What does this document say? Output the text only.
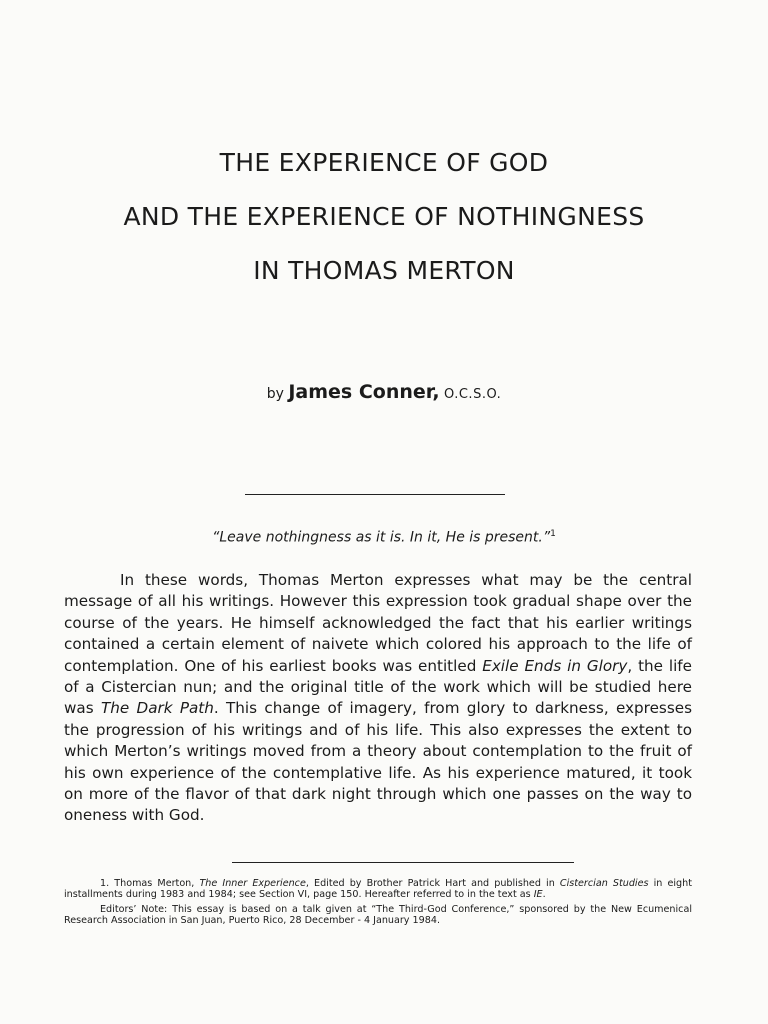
THE EXPERIENCE OF GOD
AND THE EXPERIENCE OF NOTHINGNESS
IN THOMAS MERTON
by James Conner, O.C.S.O.
“Leave nothingness as it is. In it, He is present.”$^1$

In these words, Thomas Merton expresses what may be the central message of all his writings. However this expression took gradual shape over the course of the years. He himself acknowledged the fact that his earlier writings contained a certain element of naivete which colored his approach to the life of contemplation. One of his earliest books was entitled Exile Ends in Glory, the life of a Cistercian nun; and the original title of the work which will be studied here was The Dark Path. This change of imagery, from glory to darkness, expresses the progression of his writings and of his life. This also expresses the extent to which Merton’s writings moved from a theory about contemplation to the fruit of his own experience of the contemplative life. As his experience matured, it took on more of the flavor of that dark night through which one passes on the way to oneness with God.

1. Thomas Merton, The Inner Experience, Edited by Brother Patrick Hart and published in Cistercian Studies in eight installments during 1983 and 1984; see Section VI, page 150. Hereafter referred to in the text as IE.

Editors’ Note: This essay is based on a talk given at “The Third-God Conference,” sponsored by the New Ecumenical Research Association in San Juan, Puerto Rico, 28 December - 4 January 1984.
